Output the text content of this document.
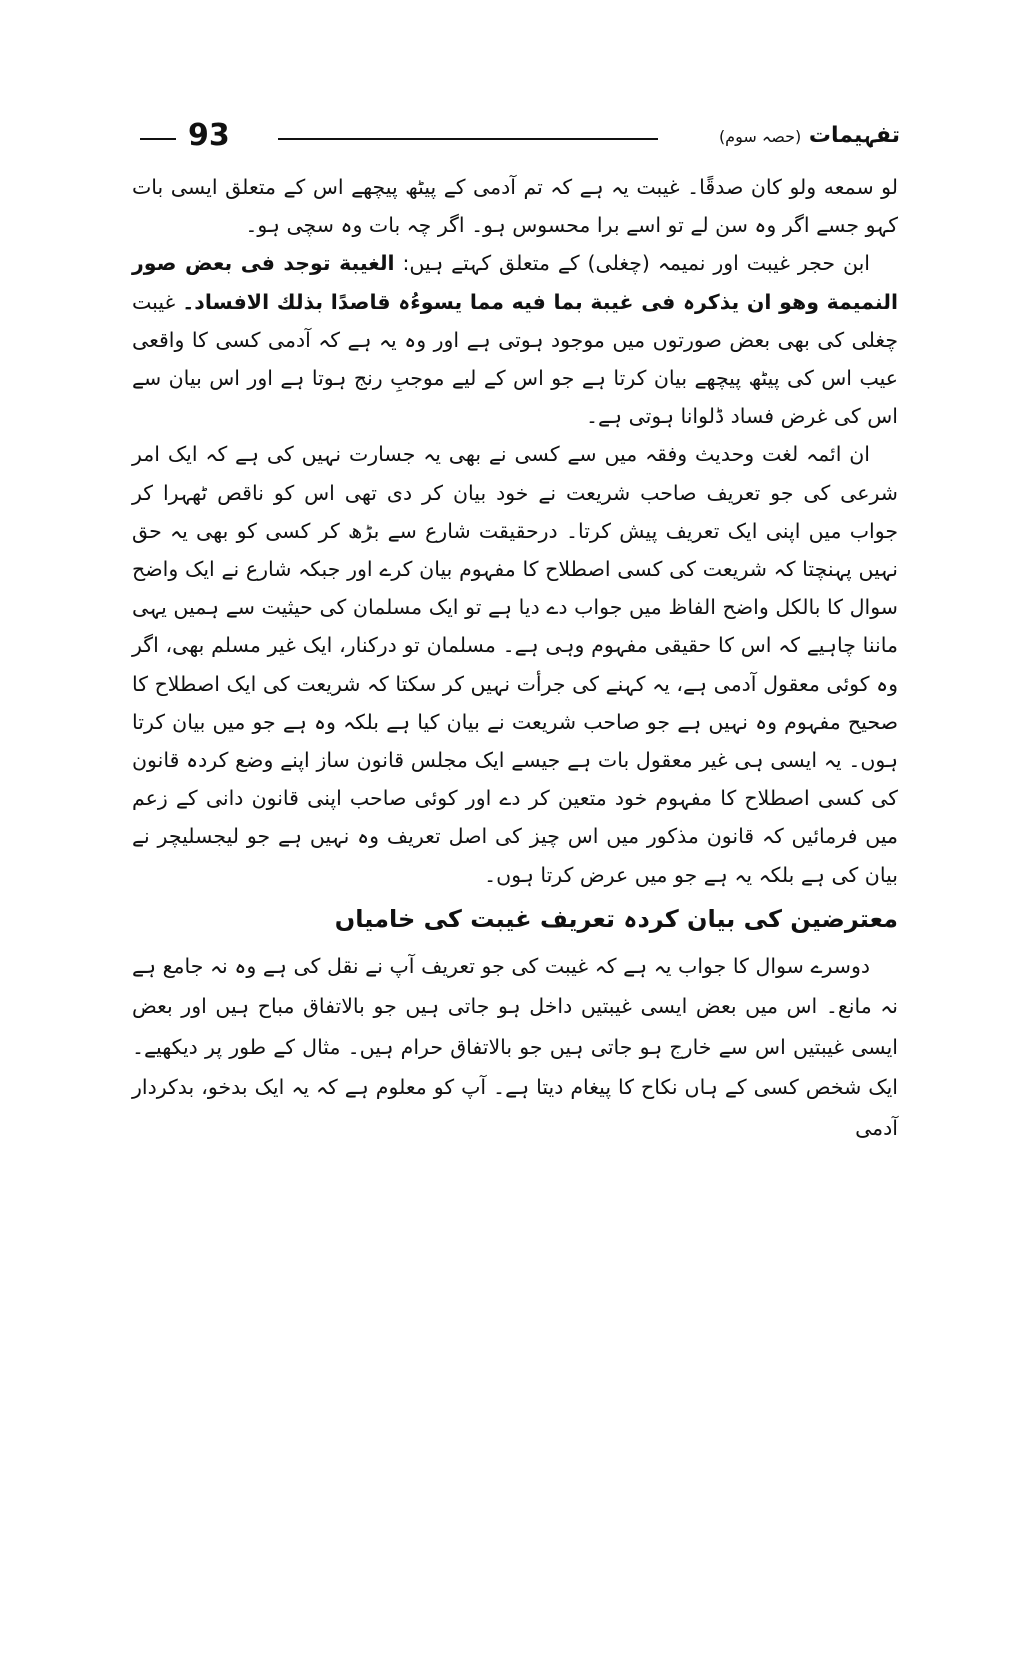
93	تفہیمات (حصہ سوم)

لو سمعه ولو کان صدقًا۔ غیبت یہ ہے کہ تم آدمی کے پیٹھ پیچھے اس کے متعلق ایسی بات کہو جسے اگر وہ سن لے تو اسے برا محسوس ہو۔ اگر چہ بات وہ سچی ہو۔

ابن حجر غیبت اور نمیمہ (چغلی) کے متعلق کہتے ہیں: الغیبة توجد فی بعض صور النمیمة وھو ان یذکرہ فی غیبة بما فیه مما یسوءُہ قاصدًا بذلك الافساد۔ غیبت چغلی کی بھی بعض صورتوں میں موجود ہوتی ہے اور وہ یہ ہے کہ آدمی کسی کا واقعی عیب اس کی پیٹھ پیچھے بیان کرتا ہے جو اس کے لیے موجبِ رنج ہوتا ہے اور اس بیان سے اس کی غرض فساد ڈلوانا ہوتی ہے۔

ان ائمہ لغت وحدیث وفقہ میں سے کسی نے بھی یہ جسارت نہیں کی ہے کہ ایک امر شرعی کی جو تعریف صاحب شریعت نے خود بیان کر دی تھی اس کو ناقص ٹھہرا کر جواب میں اپنی ایک تعریف پیش کرتا۔ درحقیقت شارع سے بڑھ کر کسی کو بھی یہ حق نہیں پہنچتا کہ شریعت کی کسی اصطلاح کا مفہوم بیان کرے اور جبکہ شارع نے ایک واضح سوال کا بالکل واضح الفاظ میں جواب دے دیا ہے تو ایک مسلمان کی حیثیت سے ہمیں یہی ماننا چاہیے کہ اس کا حقیقی مفہوم وہی ہے۔ مسلمان تو درکنار، ایک غیر مسلم بھی، اگر وہ کوئی معقول آدمی ہے، یہ کہنے کی جرأت نہیں کر سکتا کہ شریعت کی ایک اصطلاح کا صحیح مفہوم وہ نہیں ہے جو صاحب شریعت نے بیان کیا ہے بلکہ وہ ہے جو میں بیان کرتا ہوں۔ یہ ایسی ہی غیر معقول بات ہے جیسے ایک مجلس قانون ساز اپنے وضع کردہ قانون کی کسی اصطلاح کا مفہوم خود متعین کر دے اور کوئی صاحب اپنی قانون دانی کے زعم میں فرمائیں کہ قانون مذکور میں اس چیز کی اصل تعریف وہ نہیں ہے جو لیجسلیچر نے بیان کی ہے بلکہ یہ ہے جو میں عرض کرتا ہوں۔

معترضین کی بیان کردہ تعریف غیبت کی خامیاں

دوسرے سوال کا جواب یہ ہے کہ غیبت کی جو تعریف آپ نے نقل کی ہے وہ نہ جامع ہے نہ مانع۔ اس میں بعض ایسی غیبتیں داخل ہو جاتی ہیں جو بالاتفاق مباح ہیں اور بعض ایسی غیبتیں اس سے خارج ہو جاتی ہیں جو بالاتفاق حرام ہیں۔ مثال کے طور پر دیکھیے۔ ایک شخص کسی کے ہاں نکاح کا پیغام دیتا ہے۔ آپ کو معلوم ہے کہ یہ ایک بدخو، بدکردار آدمی
